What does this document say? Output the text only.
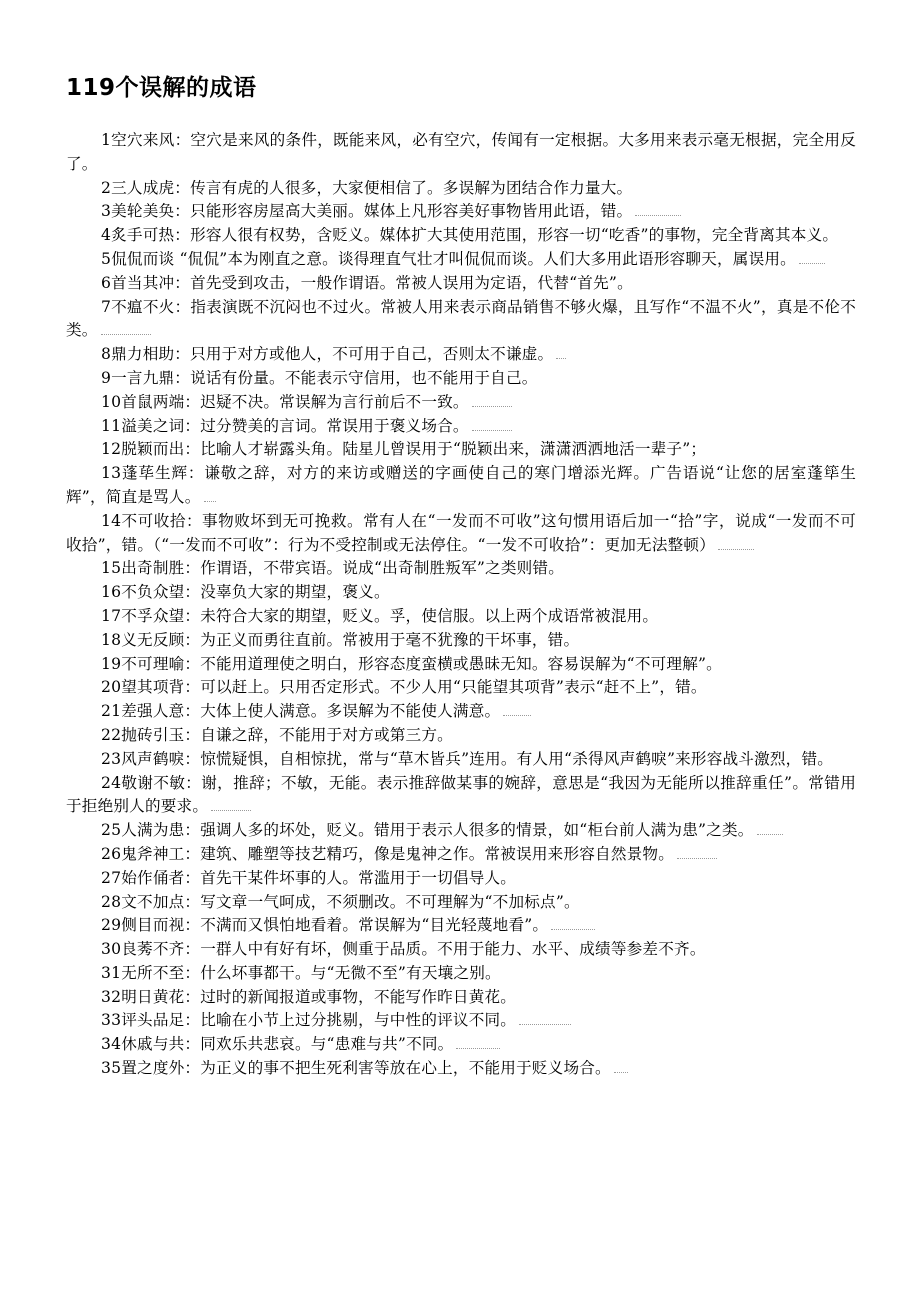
119个误解的成语

1空穴来风：空穴是来风的条件，既能来风，必有空穴，传闻有一定根据。大多用来表示毫无根据，完全用反了。

2三人成虎：传言有虎的人很多，大家便相信了。多误解为团结合作力量大。

3美轮美奂：只能形容房屋高大美丽。媒体上凡形容美好事物皆用此语，错。

4炙手可热：形容人很有权势，含贬义。媒体扩大其使用范围，形容一切“吃香”的事物，完全背离其本义。

5侃侃而谈 “侃侃”本为刚直之意。谈得理直气壮才叫侃侃而谈。人们大多用此语形容聊天，属误用。

6首当其冲：首先受到攻击，一般作谓语。常被人误用为定语，代替“首先”。

7不瘟不火：指表演既不沉闷也不过火。常被人用来表示商品销售不够火爆，且写作“不温不火”，真是不伦不类。

8鼎力相助：只用于对方或他人，不可用于自己，否则太不谦虚。

9一言九鼎：说话有份量。不能表示守信用，也不能用于自己。

10首鼠两端：迟疑不决。常误解为言行前后不一致。

11溢美之词：过分赞美的言词。常误用于褒义场合。

12脱颖而出：比喻人才崭露头角。陆星儿曾误用于“脱颖出来，潇潇洒洒地活一辈子”；

13蓬荜生辉：谦敬之辞，对方的来访或赠送的字画使自己的寒门增添光辉。广告语说“让您的居室蓬筚生辉”，简直是骂人。

14不可收拾：事物败坏到无可挽救。常有人在“一发而不可收”这句惯用语后加一“拾”字，说成“一发而不可收拾”，错。（“一发而不可收”：行为不受控制或无法停住。“一发不可收拾”：更加无法整顿）

15出奇制胜：作谓语，不带宾语。说成“出奇制胜叛军”之类则错。

16不负众望：没辜负大家的期望，褒义。

17不孚众望：未符合大家的期望，贬义。孚，使信服。以上两个成语常被混用。

18义无反顾：为正义而勇往直前。常被用于毫不犹豫的干坏事，错。

19不可理喻：不能用道理使之明白，形容态度蛮横或愚昧无知。容易误解为“不可理解”。

20望其项背：可以赶上。只用否定形式。不少人用“只能望其项背”表示“赶不上”，错。

21差强人意：大体上使人满意。多误解为不能使人满意。

22抛砖引玉：自谦之辞，不能用于对方或第三方。

23风声鹤唳：惊慌疑惧，自相惊扰，常与“草木皆兵”连用。有人用“杀得风声鹤唳”来形容战斗激烈，错。

24敬谢不敏：谢，推辞；不敏，无能。表示推辞做某事的婉辞，意思是“我因为无能所以推辞重任”。常错用于拒绝别人的要求。

25人满为患：强调人多的坏处，贬义。错用于表示人很多的情景，如“柜台前人满为患”之类。

26鬼斧神工：建筑、雕塑等技艺精巧，像是鬼神之作。常被误用来形容自然景物。

27始作俑者：首先干某件坏事的人。常滥用于一切倡导人。

28文不加点：写文章一气呵成，不须删改。不可理解为“不加标点”。

29侧目而视：不满而又惧怕地看着。常误解为“目光轻蔑地看”。

30良莠不齐：一群人中有好有坏，侧重于品质。不用于能力、水平、成绩等参差不齐。

31无所不至：什么坏事都干。与“无微不至”有天壤之别。

32明日黄花：过时的新闻报道或事物，不能写作昨日黄花。

33评头品足：比喻在小节上过分挑剔，与中性的评议不同。

34休戚与共：同欢乐共悲哀。与“患难与共”不同。

35置之度外：为正义的事不把生死利害等放在心上，不能用于贬义场合。
